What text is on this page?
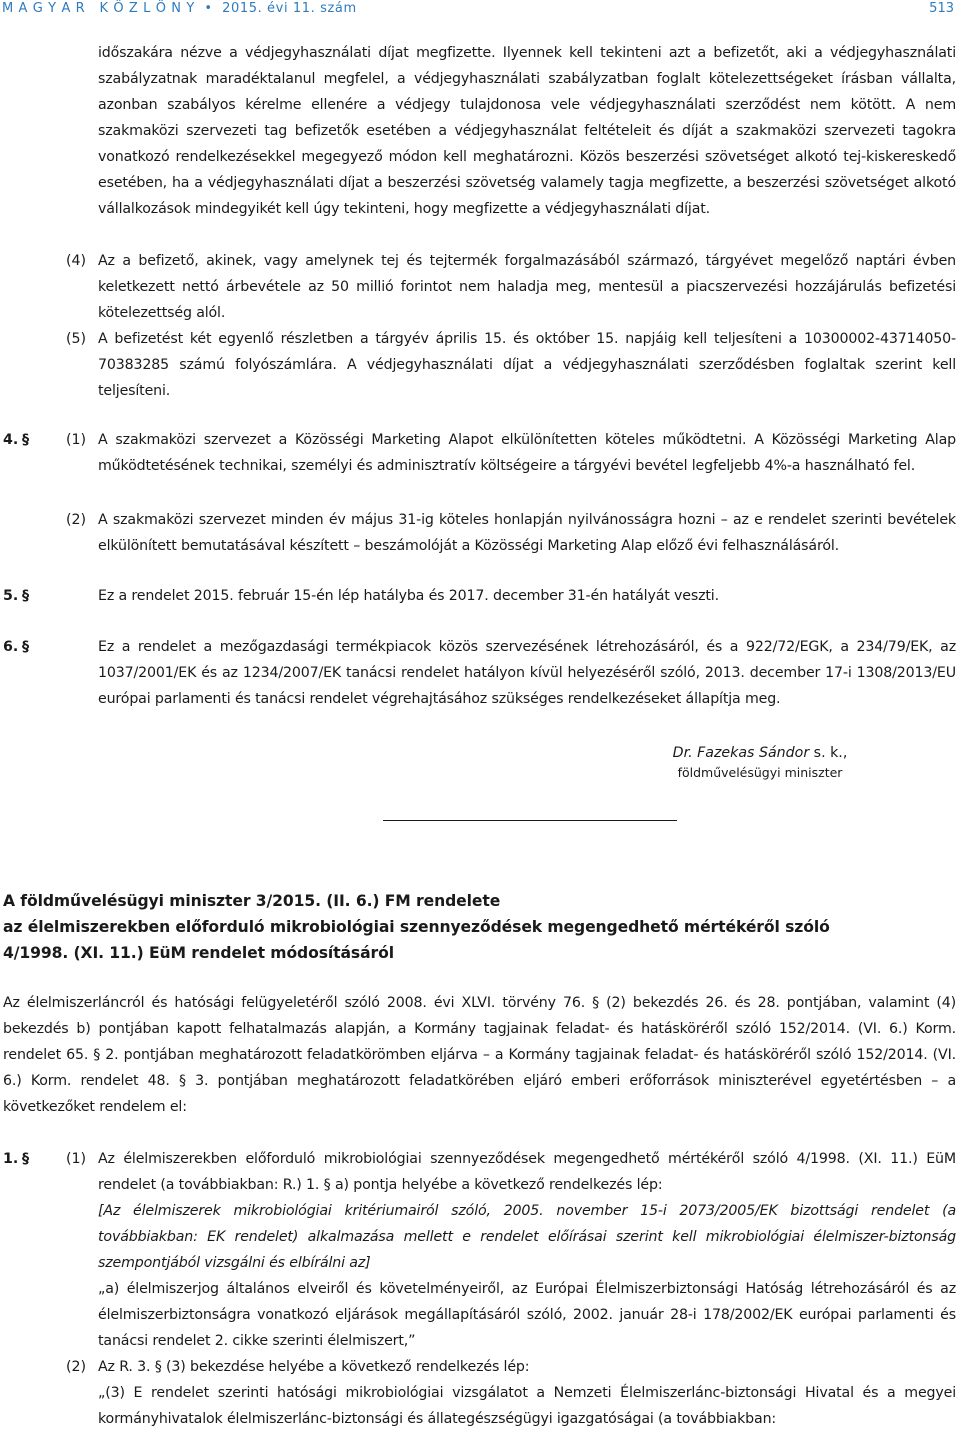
M A G Y A R   K Ö Z L Ö N Y  •  2015. évi 11. szám	513

időszakára nézve a védjegyhasználati díjat megfizette. Ilyennek kell tekinteni azt a befizetőt, aki a védjegyhasználati szabályzatnak maradéktalanul megfelel, a védjegyhasználati szabályzatban foglalt kötelezettségeket írásban vállalta, azonban szabályos kérelme ellenére a védjegy tulajdonosa vele védjegyhasználati szerződést nem kötött. A nem szakmaközi szervezeti tag befizetők esetében a védjegyhasználat feltételeit és díját a szakmaközi szervezeti tagokra vonatkozó rendelkezésekkel megegyező módon kell meghatározni. Közös beszerzési szövetséget alkotó tej-kiskereskedő esetében, ha a védjegyhasználati díjat a beszerzési szövetség valamely tagja megfizette, a beszerzési szövetséget alkotó vállalkozások mindegyikét kell úgy tekinteni, hogy megfizette a védjegyhasználati díjat.

(4) Az a befizető, akinek, vagy amelynek tej és tejtermék forgalmazásából származó, tárgyévet megelőző naptári évben keletkezett nettó árbevétele az 50 millió forintot nem haladja meg, mentesül a piacszervezési hozzájárulás befizetési kötelezettség alól.

(5) A befizetést két egyenlő részletben a tárgyév április 15. és október 15. napjáig kell teljesíteni a 10300002-43714050-70383285 számú folyószámlára. A védjegyhasználati díjat a védjegyhasználati szerződésben foglaltak szerint kell teljesíteni.

4. §	(1) A szakmaközi szervezet a Közösségi Marketing Alapot elkülönítetten köteles működtetni. A Közösségi Marketing Alap működtetésének technikai, személyi és adminisztratív költségeire a tárgyévi bevétel legfeljebb 4%-a használható fel.

(2) A szakmaközi szervezet minden év május 31-ig köteles honlapján nyilvánosságra hozni – az e rendelet szerinti bevételek elkülönített bemutatásával készített – beszámolóját a Közösségi Marketing Alap előző évi felhasználásáról.

5. §	Ez a rendelet 2015. február 15-én lép hatályba és 2017. december 31-én hatályát veszti.

6. §	Ez a rendelet a mezőgazdasági termékpiacok közös szervezésének létrehozásáról, és a 922/72/EGK, a 234/79/EK, az 1037/2001/EK és az 1234/2007/EK tanácsi rendelet hatályon kívül helyezéséről szóló, 2013. december 17-i 1308/2013/EU európai parlamenti és tanácsi rendelet végrehajtásához szükséges rendelkezéseket állapítja meg.

Dr. Fazekas Sándor s. k.,
földművelésügyi miniszter
A földművelésügyi miniszter 3/2015. (II. 6.) FM rendelete
az élelmiszerekben előforduló mikrobiológiai szennyeződések megengedhető mértékéről szóló
4/1998. (XI. 11.) EüM rendelet módosításáról

Az élelmiszerláncról és hatósági felügyeletéről szóló 2008. évi XLVI. törvény 76. § (2) bekezdés 26. és 28. pontjában, valamint (4) bekezdés b) pontjában kapott felhatalmazás alapján, a Kormány tagjainak feladat- és hatásköréről szóló 152/2014. (VI. 6.) Korm. rendelet 65. § 2. pontjában meghatározott feladatkörömben eljárva – a Kormány tagjainak feladat- és hatásköréről szóló 152/2014. (VI. 6.) Korm. rendelet 48. § 3. pontjában meghatározott feladatkörében eljáró emberi erőforrások miniszterével egyetértésben – a következőket rendelem el:

1. §	(1) Az élelmiszerekben előforduló mikrobiológiai szennyeződések megengedhető mértékéről szóló 4/1998. (XI. 11.) EüM rendelet (a továbbiakban: R.) 1. § a) pontja helyébe a következő rendelkezés lép:

[Az élelmiszerek mikrobiológiai kritériumairól szóló, 2005. november 15-i 2073/2005/EK bizottsági rendelet (a továbbiakban: EK rendelet) alkalmazása mellett e rendelet előírásai szerint kell mikrobiológiai élelmiszer-biztonság szempontjából vizsgálni és elbírálni az]

„a) élelmiszerjog általános elveiről és követelményeiről, az Európai Élelmiszerbiztonsági Hatóság létrehozásáról és az élelmiszerbiztonságra vonatkozó eljárások megállapításáról szóló, 2002. január 28-i 178/2002/EK európai parlamenti és tanácsi rendelet 2. cikke szerinti élelmiszert,”

(2) Az R. 3. § (3) bekezdése helyébe a következő rendelkezés lép:

„(3) E rendelet szerinti hatósági mikrobiológiai vizsgálatot a Nemzeti Élelmiszerlánc-biztonsági Hivatal és a megyei kormányhivatalok élelmiszerlánc-biztonsági és állategészségügyi igazgatóságai (a továbbiakban:
